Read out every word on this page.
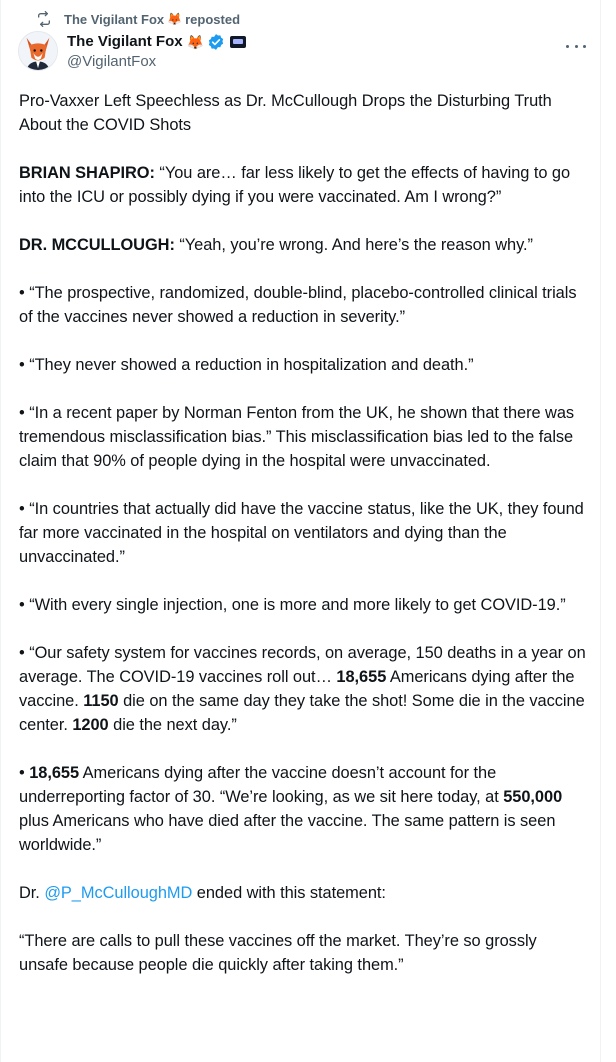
The Vigilant Fox 🦊 reposted
The Vigilant Fox 🦊
@VigilantFox

Pro-Vaxxer Left Speechless as Dr. McCullough Drops the Disturbing Truth About the COVID Shots

BRIAN SHAPIRO: “You are… far less likely to get the effects of having to go into the ICU or possibly dying if you were vaccinated. Am I wrong?”

DR. MCCULLOUGH: “Yeah, you’re wrong. And here’s the reason why.”

• “The prospective, randomized, double-blind, placebo-controlled clinical trials of the vaccines never showed a reduction in severity.”

• “They never showed a reduction in hospitalization and death.”

• “In a recent paper by Norman Fenton from the UK, he shown that there was tremendous misclassification bias.” This misclassification bias led to the false claim that 90% of people dying in the hospital were unvaccinated.

• “In countries that actually did have the vaccine status, like the UK, they found far more vaccinated in the hospital on ventilators and dying than the unvaccinated.”

• “With every single injection, one is more and more likely to get COVID-19.”

• “Our safety system for vaccines records, on average, 150 deaths in a year on average. The COVID-19 vaccines roll out… 18,655 Americans dying after the vaccine. 1150 die on the same day they take the shot! Some die in the vaccine center. 1200 die the next day.”

• 18,655 Americans dying after the vaccine doesn’t account for the underreporting factor of 30. “We’re looking, as we sit here today, at 550,000 plus Americans who have died after the vaccine. The same pattern is seen worldwide.”

Dr. @P_McCulloughMD ended with this statement:

“There are calls to pull these vaccines off the market. They’re so grossly unsafe because people die quickly after taking them.”
